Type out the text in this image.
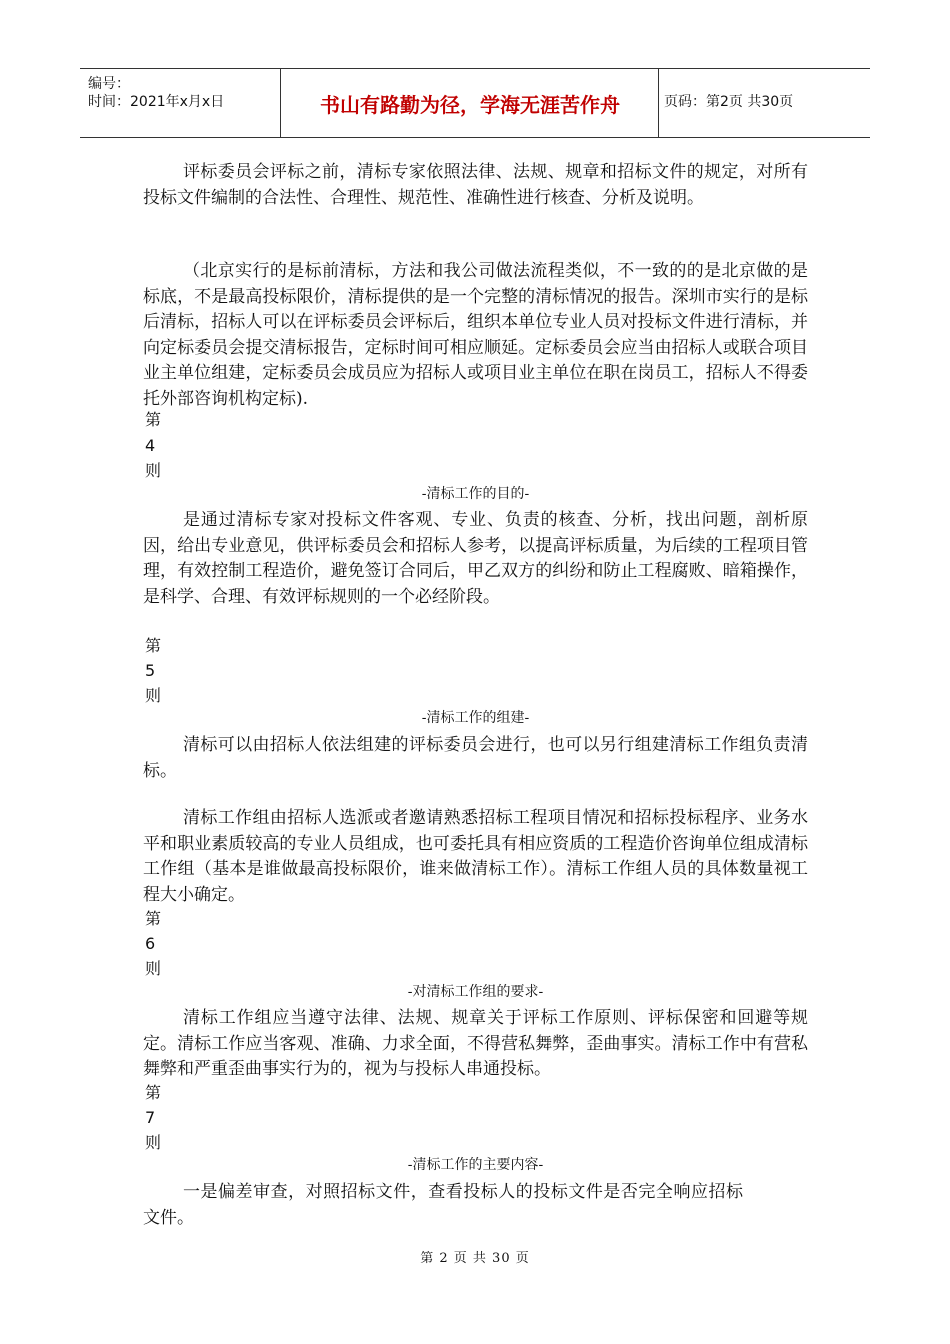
编号：
时间：2021年x月x日	书山有路勤为径，学海无涯苦作舟	页码：第2页 共30页

评标委员会评标之前，清标专家依照法律、法规、规章和招标文件的规定，对所有投标文件编制的合法性、合理性、规范性、准确性进行核查、分析及说明。

（北京实行的是标前清标，方法和我公司做法流程类似，不一致的的是北京做的是标底，不是最高投标限价，清标提供的是一个完整的清标情况的报告。深圳市实行的是标后清标，招标人可以在评标委员会评标后，组织本单位专业人员对投标文件进行清标，并向定标委员会提交清标报告，定标时间可相应顺延。定标委员会应当由招标人或联合项目业主单位组建，定标委员会成员应为招标人或项目业主单位在职在岗员工，招标人不得委托外部咨询机构定标).

第
4
则
-清标工作的目的-

是通过清标专家对投标文件客观、专业、负责的核查、分析，找出问题，剖析原因，给出专业意见，供评标委员会和招标人参考，以提高评标质量，为后续的工程项目管理，有效控制工程造价，避免签订合同后，甲乙双方的纠纷和防止工程腐败、暗箱操作，是科学、合理、有效评标规则的一个必经阶段。

第
5
则
-清标工作的组建-

清标可以由招标人依法组建的评标委员会进行，也可以另行组建清标工作组负责清标。

清标工作组由招标人选派或者邀请熟悉招标工程项目情况和招标投标程序、业务水平和职业素质较高的专业人员组成，也可委托具有相应资质的工程造价咨询单位组成清标工作组（基本是谁做最高投标限价，谁来做清标工作）。清标工作组人员的具体数量视工程大小确定。

第
6
则
-对清标工作组的要求-

清标工作组应当遵守法律、法规、规章关于评标工作原则、评标保密和回避等规定。清标工作应当客观、准确、力求全面，不得营私舞弊，歪曲事实。清标工作中有营私舞弊和严重歪曲事实行为的，视为与投标人串通投标。

第
7
则
-清标工作的主要内容-

一是偏差审查，对照招标文件，查看投标人的投标文件是否完全响应招标文件。

第 2 页 共 30 页
